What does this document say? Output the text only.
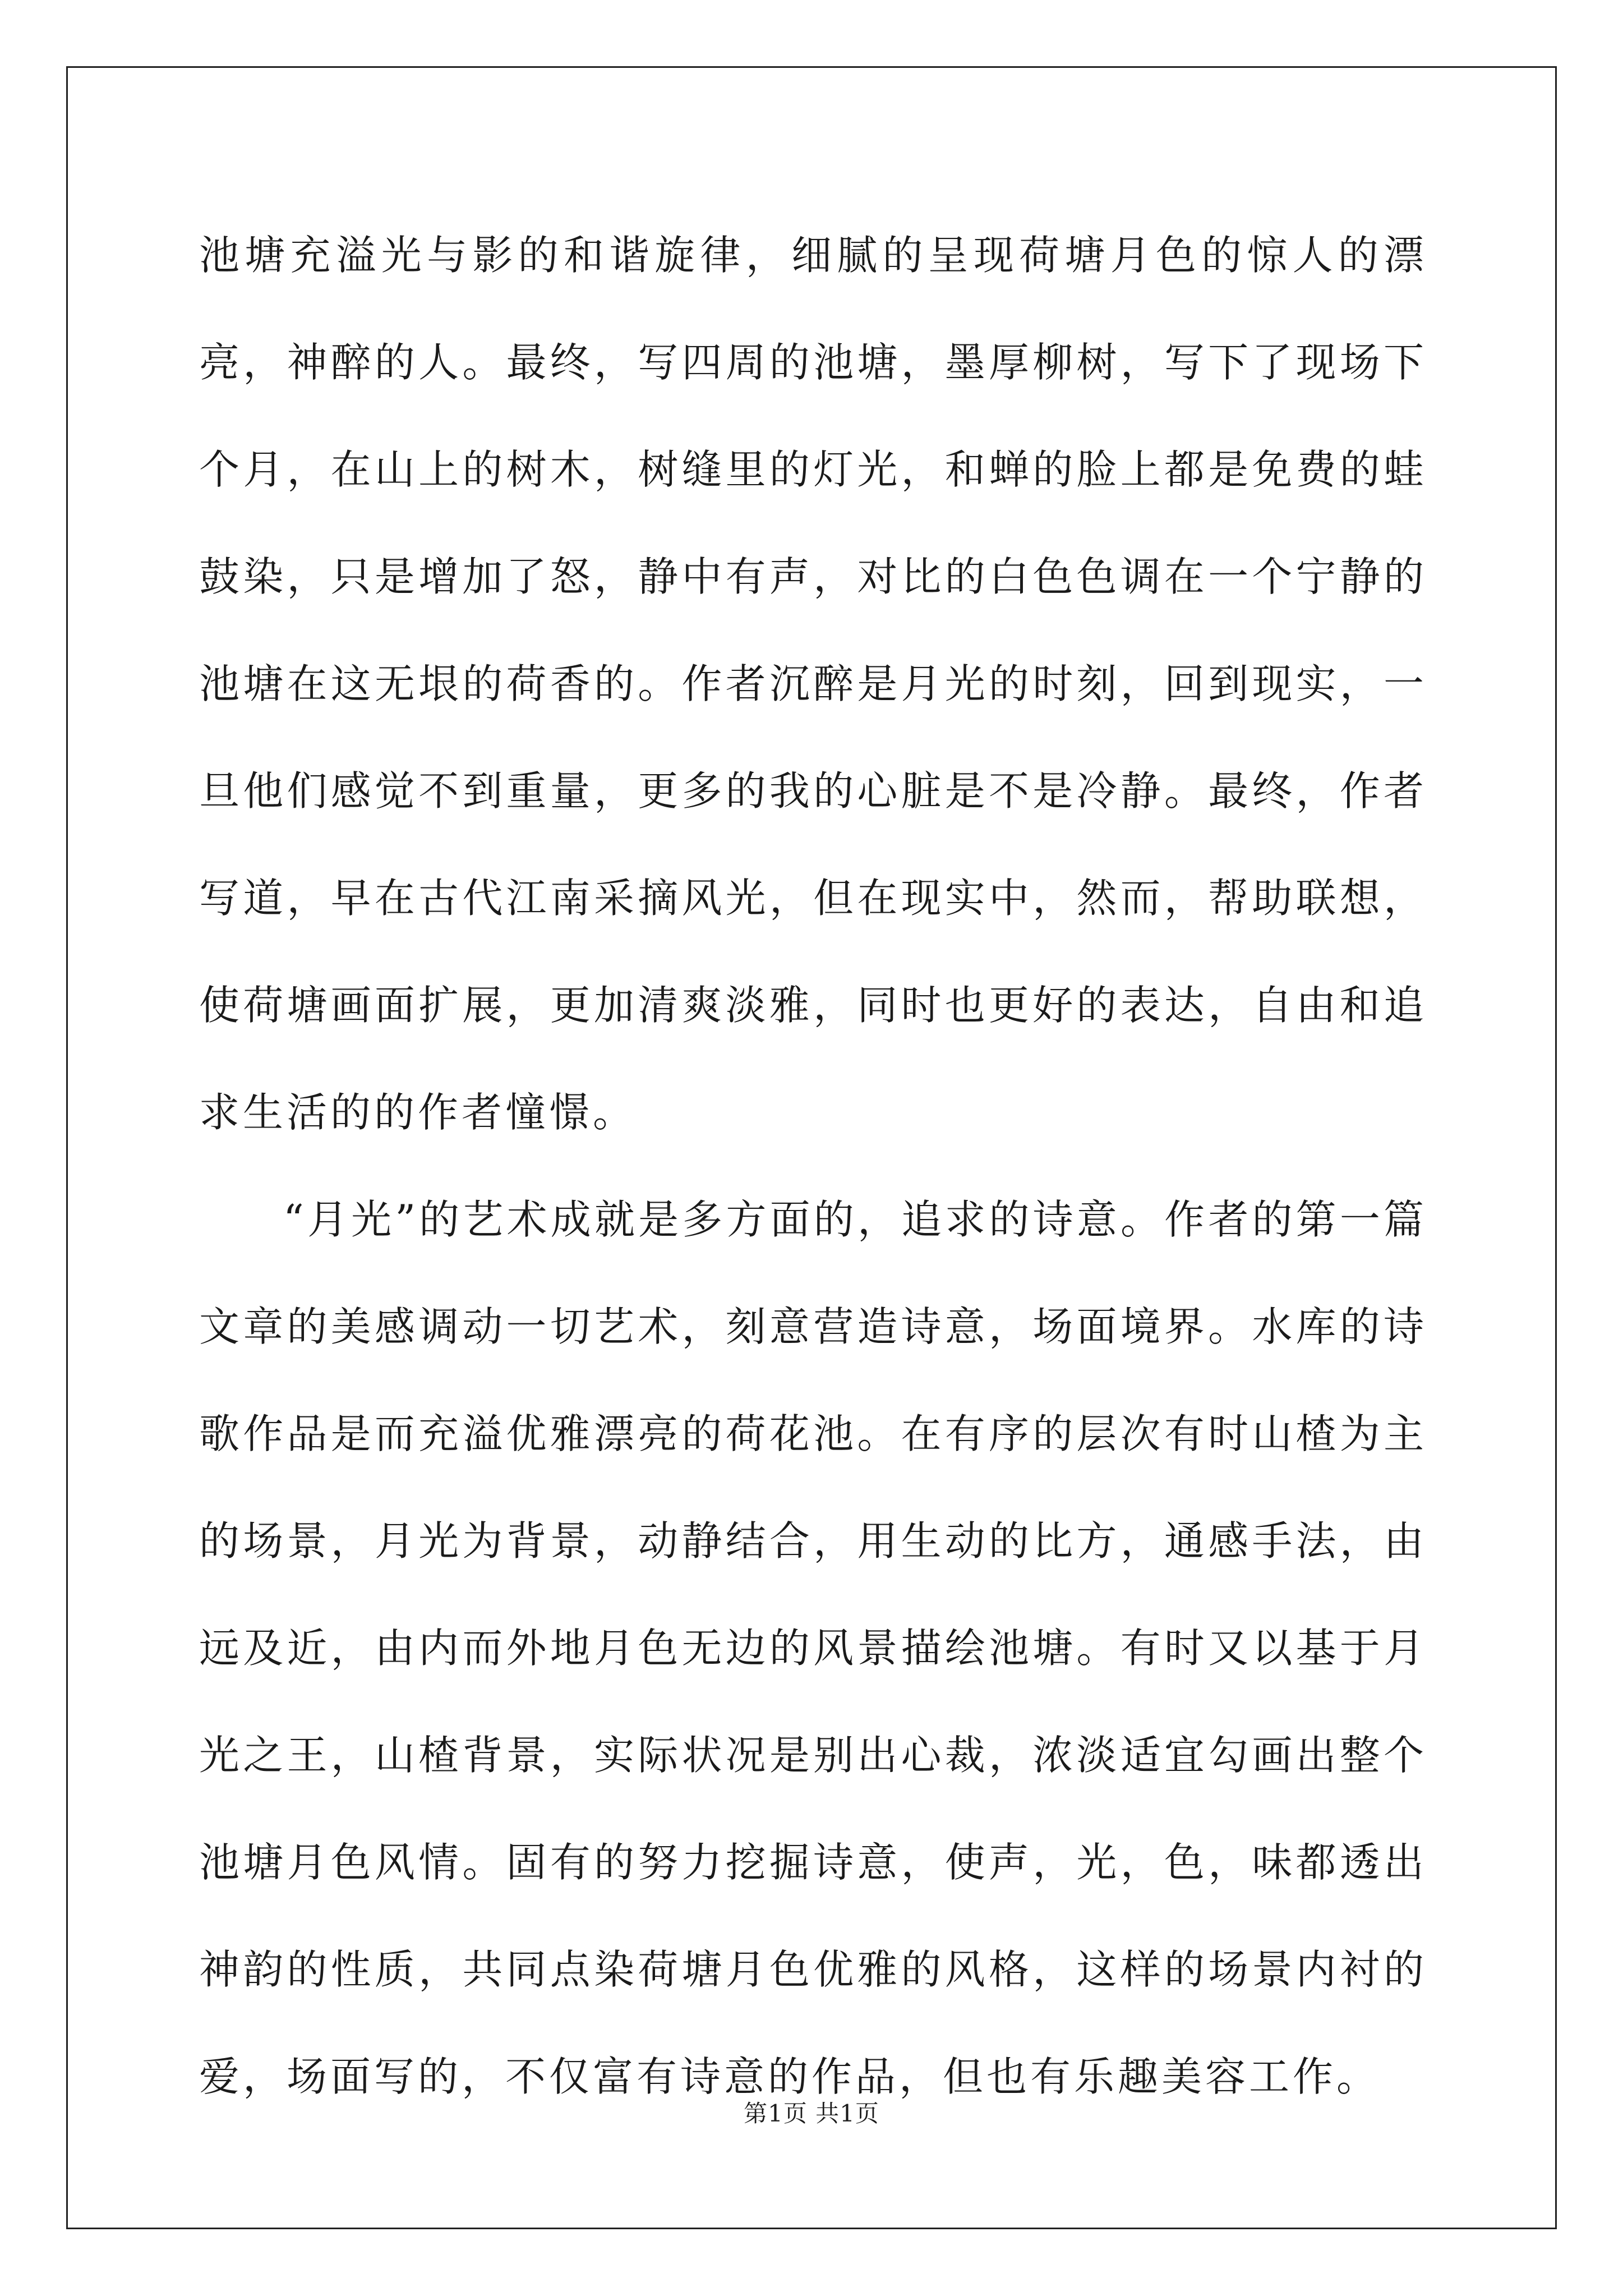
池塘充溢光与影的和谐旋律，细腻的呈现荷塘月色的惊人的漂亮，神醉的人。最终，写四周的池塘，墨厚柳树，写下了现场下个月，在山上的树木，树缝里的灯光，和蝉的脸上都是免费的蛙鼓染，只是增加了怒，静中有声，对比的白色色调在一个宁静的池塘在这无垠的荷香的。作者沉醉是月光的时刻，回到现实，一旦他们感觉不到重量，更多的我的心脏是不是冷静。最终，作者写道，早在古代江南采摘风光，但在现实中，然而，帮助联想，使荷塘画面扩展，更加清爽淡雅，同时也更好的表达，自由和追求生活的的作者憧憬。

“月光”的艺术成就是多方面的，追求的诗意。作者的第一篇文章的美感调动一切艺术，刻意营造诗意，场面境界。水库的诗歌作品是而充溢优雅漂亮的荷花池。在有序的层次有时山楂为主的场景，月光为背景，动静结合，用生动的比方，通感手法，由远及近，由内而外地月色无边的风景描绘池塘。有时又以基于月光之王，山楂背景，实际状况是别出心裁，浓淡适宜勾画出整个池塘月色风情。固有的努力挖掘诗意，使声，光，色，味都透出神韵的性质，共同点染荷塘月色优雅的风格，这样的场景内衬的爱，场面写的，不仅富有诗意的作品，但也有乐趣美容工作。

第1页 共1页
